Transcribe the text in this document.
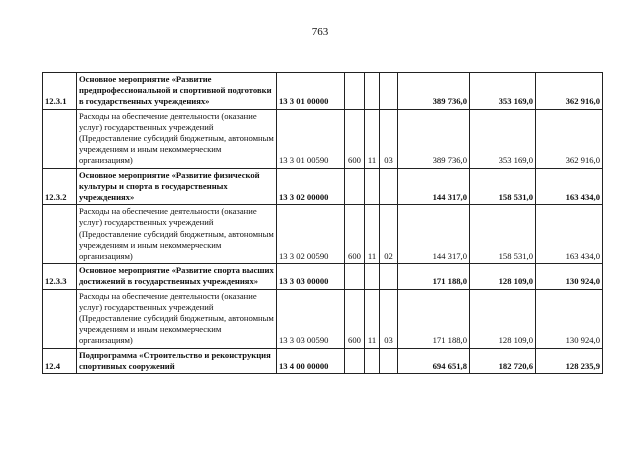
763
12.3.1	Основное мероприятие «Развитие предпрофессиональной и спортивной подготовки в государственных учреждениях»	13 3 01 00000				389 736,0	353 169,0	362 916,0
	Расходы на обеспечение деятельности (оказание услуг) государственных учреждений (Предоставление субсидий бюджетным, автономным учреждениям и иным некоммерческим организациям)	13 3 01 00590	600	11	03	389 736,0	353 169,0	362 916,0
12.3.2	Основное мероприятие «Развитие физической культуры и спорта в государственных учреждениях»	13 3 02 00000				144 317,0	158 531,0	163 434,0
	Расходы на обеспечение деятельности (оказание услуг) государственных учреждений (Предоставление субсидий бюджетным, автономным учреждениям и иным некоммерческим организациям)	13 3 02 00590	600	11	02	144 317,0	158 531,0	163 434,0
12.3.3	Основное мероприятие «Развитие спорта высших достижений в государственных учреждениях»	13 3 03 00000				171 188,0	128 109,0	130 924,0
	Расходы на обеспечение деятельности (оказание услуг) государственных учреждений (Предоставление субсидий бюджетным, автономным учреждениям и иным некоммерческим организациям)	13 3 03 00590	600	11	03	171 188,0	128 109,0	130 924,0
12.4	Подпрограмма «Строительство и реконструкция спортивных сооружений	13 4 00 00000				694 651,8	182 720,6	128 235,9
